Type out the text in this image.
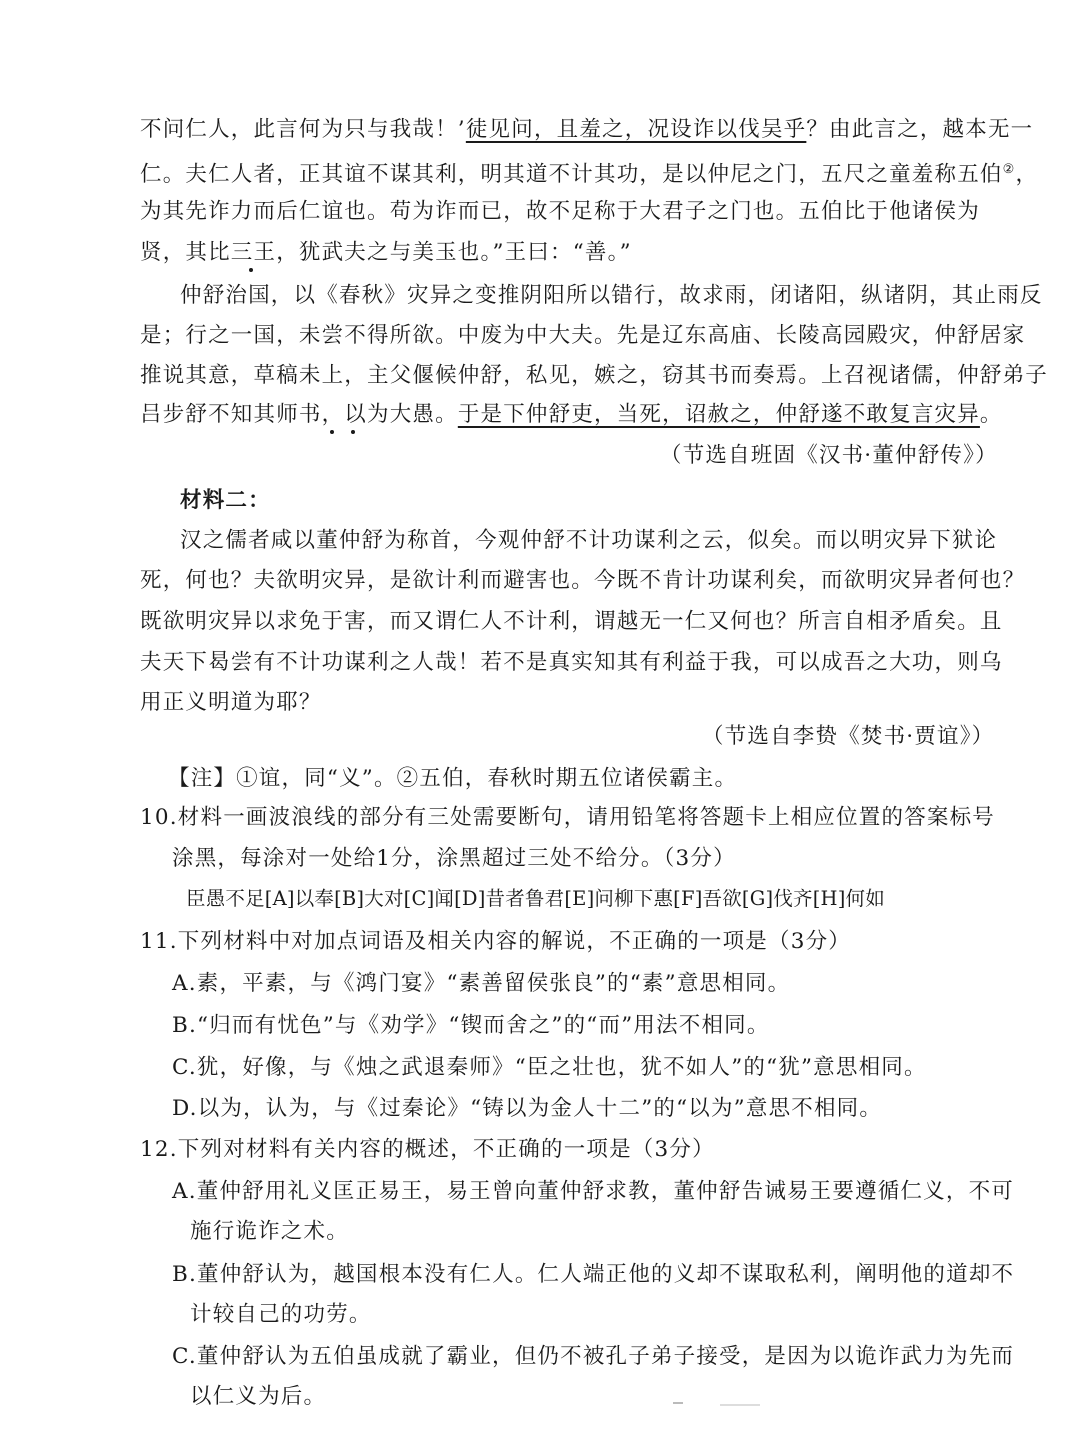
不问仁人，此言何为只与我哉！’徒见问，且羞之，况设诈以伐吴乎？由此言之，越本无一
仁。夫仁人者，正其谊不谋其利，明其道不计其功，是以仲尼之门，五尺之童羞称五伯②，
为其先诈力而后仁谊也。苟为诈而已，故不足称于大君子之门也。五伯比于他诸侯为
贤，其比三王，犹武夫之与美玉也。”王曰：“善。”
仲舒治国，以《春秋》灾异之变推阴阳所以错行，故求雨，闭诸阳，纵诸阴，其止雨反
是；行之一国，未尝不得所欲。中废为中大夫。先是辽东高庙、长陵高园殿灾，仲舒居家
推说其意，草稿未上，主父偃候仲舒，私见，嫉之，窃其书而奏焉。上召视诸儒，仲舒弟子
吕步舒不知其师书，以为大愚。于是下仲舒吏，当死，诏赦之，仲舒遂不敢复言灾异。
（节选自班固《汉书·董仲舒传》）
材料二：
汉之儒者咸以董仲舒为称首，今观仲舒不计功谋利之云，似矣。而以明灾异下狱论
死，何也？夫欲明灾异，是欲计利而避害也。今既不肯计功谋利矣，而欲明灾异者何也？
既欲明灾异以求免于害，而又谓仁人不计利，谓越无一仁又何也？所言自相矛盾矣。且
夫天下曷尝有不计功谋利之人哉！若不是真实知其有利益于我，可以成吾之大功，则乌
用正义明道为耶？
（节选自李贽《焚书·贾谊》）
【注】①谊，同“义”。②五伯，春秋时期五位诸侯霸主。
10.材料一画波浪线的部分有三处需要断句，请用铅笔将答题卡上相应位置的答案标号
涂黑，每涂对一处给1分，涂黑超过三处不给分。（3分）
臣愚不足[A]以奉[B]大对[C]闻[D]昔者鲁君[E]问柳下惠[F]吾欲[G]伐齐[H]何如
11.下列材料中对加点词语及相关内容的解说，不正确的一项是（3分）
A.素，平素，与《鸿门宴》“素善留侯张良”的“素”意思相同。
B.“归而有忧色”与《劝学》“锲而舍之”的“而”用法不相同。
C.犹，好像，与《烛之武退秦师》“臣之壮也，犹不如人”的“犹”意思相同。
D.以为，认为，与《过秦论》“铸以为金人十二”的“以为”意思不相同。
12.下列对材料有关内容的概述，不正确的一项是（3分）
A.董仲舒用礼义匡正易王，易王曾向董仲舒求教，董仲舒告诫易王要遵循仁义，不可
施行诡诈之术。
B.董仲舒认为，越国根本没有仁人。仁人端正他的义却不谋取私利，阐明他的道却不
计较自己的功劳。
C.董仲舒认为五伯虽成就了霸业，但仍不被孔子弟子接受，是因为以诡诈武力为先而
以仁义为后。
